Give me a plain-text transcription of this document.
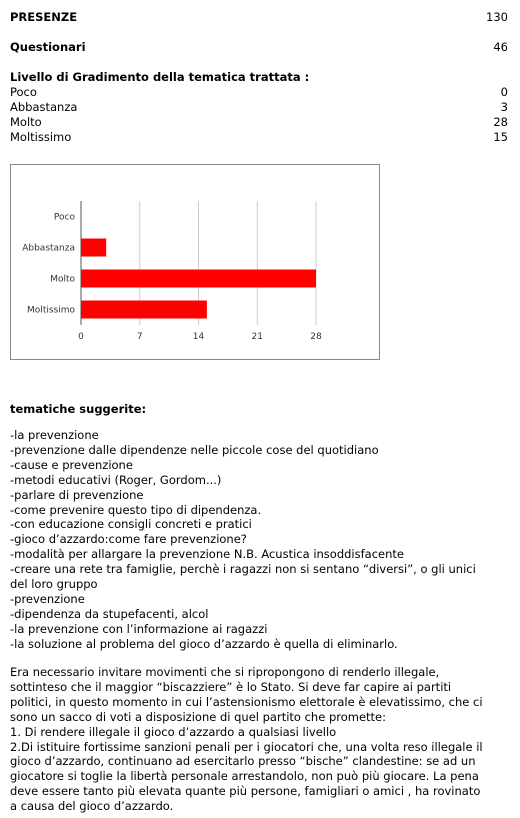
PRESENZE	130
Questionari	46
Livello di Gradimento della tematica trattata :
Poco	0
Abbastanza	3
Molto	28
Moltissimo	15
0	7	14	21	28
Poco
Abbastanza
Molto
Moltissimo
tematiche suggerite:
-la prevenzione
-prevenzione dalle dipendenze nelle piccole cose del quotidiano
-cause e prevenzione
-metodi educativi (Roger, Gordom...)
-parlare di prevenzione
-come prevenire questo tipo di dipendenza.
-con educazione consigli concreti e pratici
-gioco d’azzardo:come fare prevenzione?
-modalità per allargare la prevenzione N.B. Acustica insoddisfacente
-creare una rete tra famiglie, perchè i ragazzi non si sentano “diversi”, o gli unici del loro gruppo
-prevenzione
-dipendenza da stupefacenti, alcol
-la prevenzione con l’informazione ai ragazzi
-la soluzione al problema del gioco d’azzardo è quella di eliminarlo.
Era necessario invitare movimenti che si ripropongono di renderlo illegale, sottinteso che il maggior “biscazziere” è lo Stato. Si deve far capire ai partiti politici, in questo momento in cui l’astensionismo elettorale è elevatissimo, che ci sono un sacco di voti a disposizione di quel partito che promette:
1. Di rendere illegale il gioco d’azzardo a qualsiasi livello
2.Di istituire fortissime sanzioni penali per i giocatori che, una volta reso illegale il gioco d’azzardo, continuano ad esercitarlo presso “bische” clandestine: se ad un giocatore si toglie la libertà personale arrestandolo, non può più giocare. La pena deve essere tanto più elevata quante più persone, famigliari o amici , ha rovinato a causa del gioco d’azzardo.
